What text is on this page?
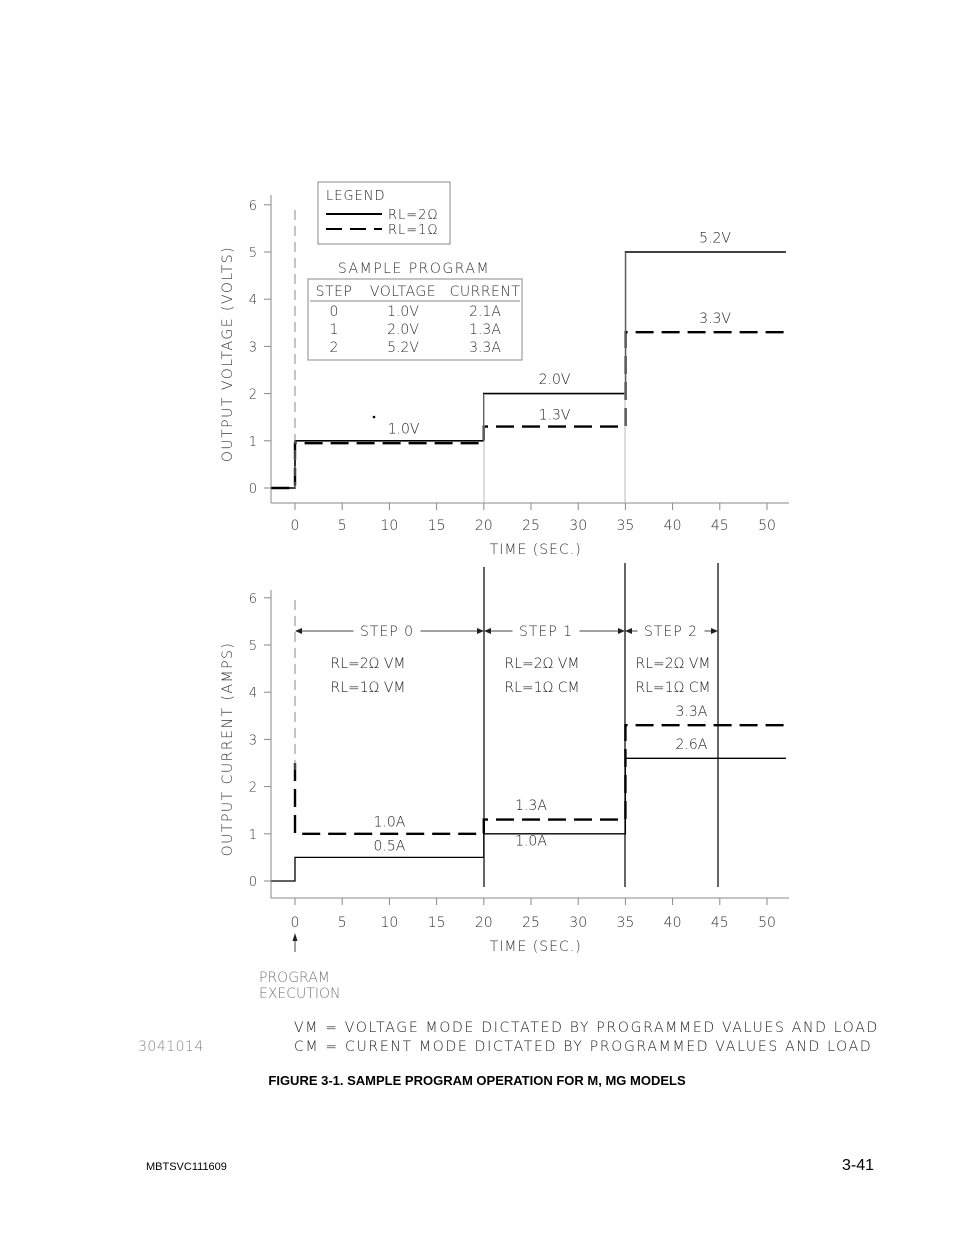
0
1
2
3
4
5
6
0	5 10 15 20 25 30 35 40 45 50
TIME (SEC.)
OUTPUT VOLTAGE (VOLTS)
5.2V
3.3V
2.0V
1.3V
1.0V
0
1
2
3
4
5
6
0	5 10 15 20 25 30 35 40 45 50
TIME (SEC.)
OUTPUT CURRENT (AMPS)	3.3A
2.6A
1.3A
1.0A
0.5A	1.0A
LEGEND
RL=2Ω
RL=1Ω
SAMPLE PROGRAM
STEP VOLTAGE CURRENT
0	1.0V	2.1A
1	2.0V	1.3A
2	5.2V	3.3A
STEP 0	STEP 1	STEP 2
RL=2Ω VM
RL=1Ω VM
RL=2Ω VM
RL=1Ω CM
RL=2Ω VM
RL=1Ω CM
PROGRAM
EXECUTION
3041014
VM = VOLTAGE MODE DICTATED BY PROGRAMMED VALUES AND LOAD
CM = CURENT MODE DICTATED BY PROGRAMMED VALUES AND LOAD
FIGURE 3-1. SAMPLE PROGRAM OPERATION FOR M, MG MODELS
MBTSVC111609	3-41
